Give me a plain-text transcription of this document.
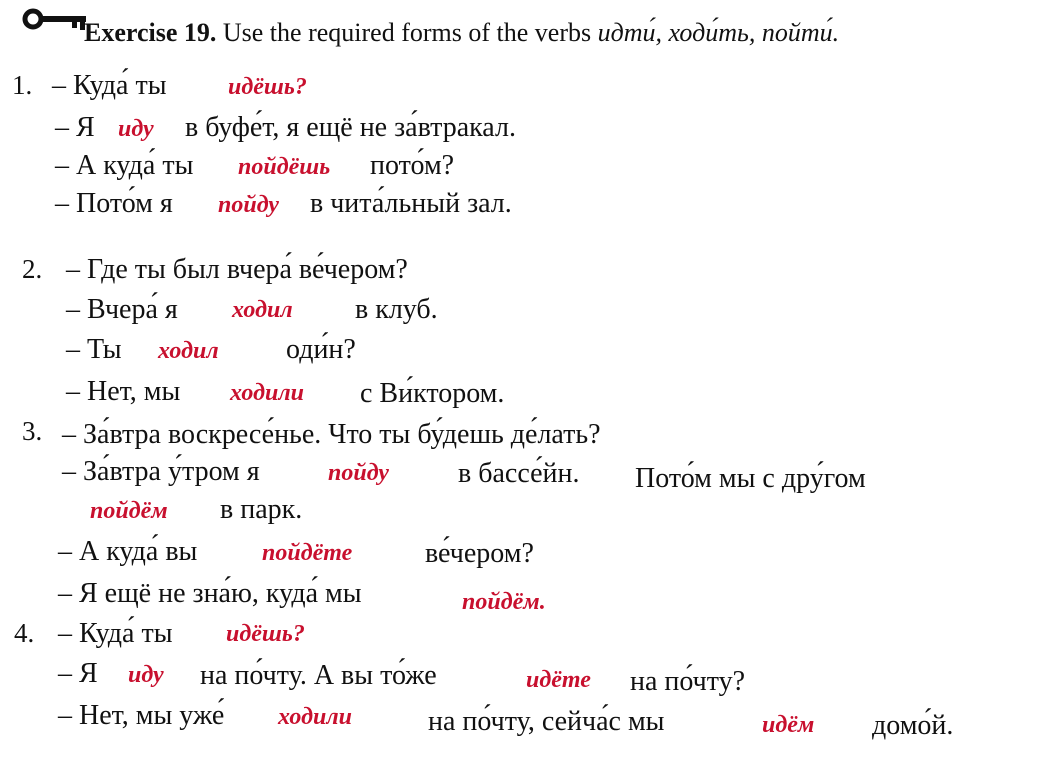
Exercise 19. Use the required forms of the verbs идти́, ходи́ть, пойти́.
1. – Куда́ ты	идёшь?
– Я иду в буфе́т, я ещё не за́втракал.
– А куда́ ты пойдёшь пото́м?
– Пото́м я пойду в чита́льный зал.
2. – Где ты был вчера́ ве́чером?
– Вчера́ я ходил в клуб.
– Ты ходил оди́н?
– Нет, мы ходили с Ви́ктором.
3. – За́втра воскресе́нье. Что ты бу́дешь де́лать?
– За́втра у́тром я	пойду в бассе́йн. Пото́м мы с дру́гом
пойдём в парк.
– А куда́ вы	пойдёте	ве́чером?
– Я ещё не зна́ю, куда́ мы	пойдём.
4. – Куда́ ты идёшь?
– Я иду на по́чту. А вы то́же	идёте на по́чту?
– Нет, мы уже́ ходили	на по́чту, сейча́с мы	идём домо́й.
